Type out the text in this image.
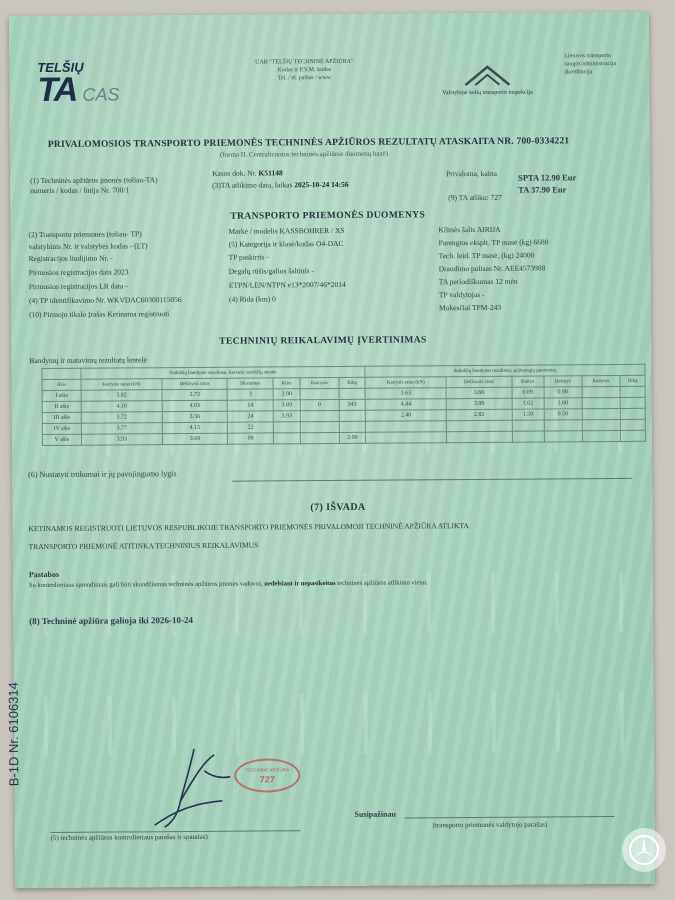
TELŠIŲ
TA CAS
UAB "TELŠIŲ TECHNINĖ APŽIŪRA"
Kodas ir P.V.M. kodas
Tel. / el. paštas / www
Valstybinė kelių transporto inspekcija
Lietuvos transporto
saugos administracija
akreditacija
PRIVALOMOSIOS TRANSPORTO PRIEMONĖS TECHNINĖS APŽIŪROS REZULTATŲ ATASKAITA NR. 700-0334221
(forma II. Centralizuotos techninės apžiūros duomenų bazė)
(1) Techninės apžiūros įmonės (toliau-TA)
numeris / kodas / linija Nr. 700/1
Kasos dok. Nr. K51148
(3)TA atlikimo data, laikas 2025-10-24 14:56
Privaloma, kaina SPTA 12.90 Eur
TA 37.90 Eur
(9) TA atliko: 727
TRANSPORTO PRIEMONĖS DUOMENYS
(2) Transporto priemonės (toliau- TP)
valstybinis Nr. ir valstybės kodas - (LT)
Registracijos liudijimo Nr. -
Pirmosios registracijos data 2023
Pirmosios registracijos LR data -
(4) TP identifikavimo Nr. WKVDAC60300115056
(10) Pirmojo tikslo Įrašas Ketinama registruoti
Markė / modelis KASSBOHRER / XS
(5) Kategorija ir klasė/kodas O4-DAC
TP paskirtis -
Degalų rūšis/galios šaltinis -
ETPN/LEN/NTPN e13*2007/46*2014
(4) Rida (km) 0
Kilmės šalis AIRIJA
Parengtos eksplt. TP masė (kg) 6680
Tech. leid. TP masė, (kg) 24000
Draudimo polisas Nr. AEE4573988
TA periodiškumas 12 mėn
TP valdytojas -
Mokesčiai TPM-243
TECHNINIŲ REIKALAVIMŲ ĮVERTINIMAS
Bandymų ir matavimų rezultatų lentelė
	Stabdžių bandymo rezultatai, kuriami stabdžių stende						Stabdžių bandymo rezultatai, grįžtamųjų parametrų					
Ašis	Kairysis ratas (kN)	Dešinysis ratas	Skirtumas	Kūrs	Kairysis	Ribą	Kairysis ratas (kN)	Dešinysis ratas	Kairys	Dešinys	Kairysis	Ribą
I ašis	3.82	3.72	3	3.90			3.63	3.60	0.89	0.90		
II ašis	4.10	4.03	14	3.89	0	343	4.44	3.99	1.62	1.60		
III ašis	3.72	3.56	24	3.93			2.40	2.82	1.50	0.50		
IV ašis	3.77	4.15	22									
V ašis	3.93	3.69	98			2.00						
(6) Nustatyti trūkumai ir jų pavojingumo lygis
(7) IŠVADA
KETINAMOS REGISTRUOTI LIETUVOS RESPUBLIKOJE TRANSPORTO PRIEMONĖS PRIVALOMOJI TECHNINĖ APŽIŪRA ATLIKTA
TRANSPORTO PRIEMONĖ ATITINKA TECHNINIUS REIKALAVIMUS
Pastabos
Su kontrolieriaus sprendimais gali būti skundžiamas techninės apžiūros įmonės vadovui, nedelsiant ir nepasikeitus techninės apžiūros atlikimo vietai.
(8) Techninė apžiūra galioja iki 2026-10-24
TECHNINĖ APŽIŪRA
727
B-1D Nr. 6106314
(5) techninės apžiūros kontrolieriaus parašas ir spaudas)
Susipažinau
(transporto priemonės valdytojo parašas)
